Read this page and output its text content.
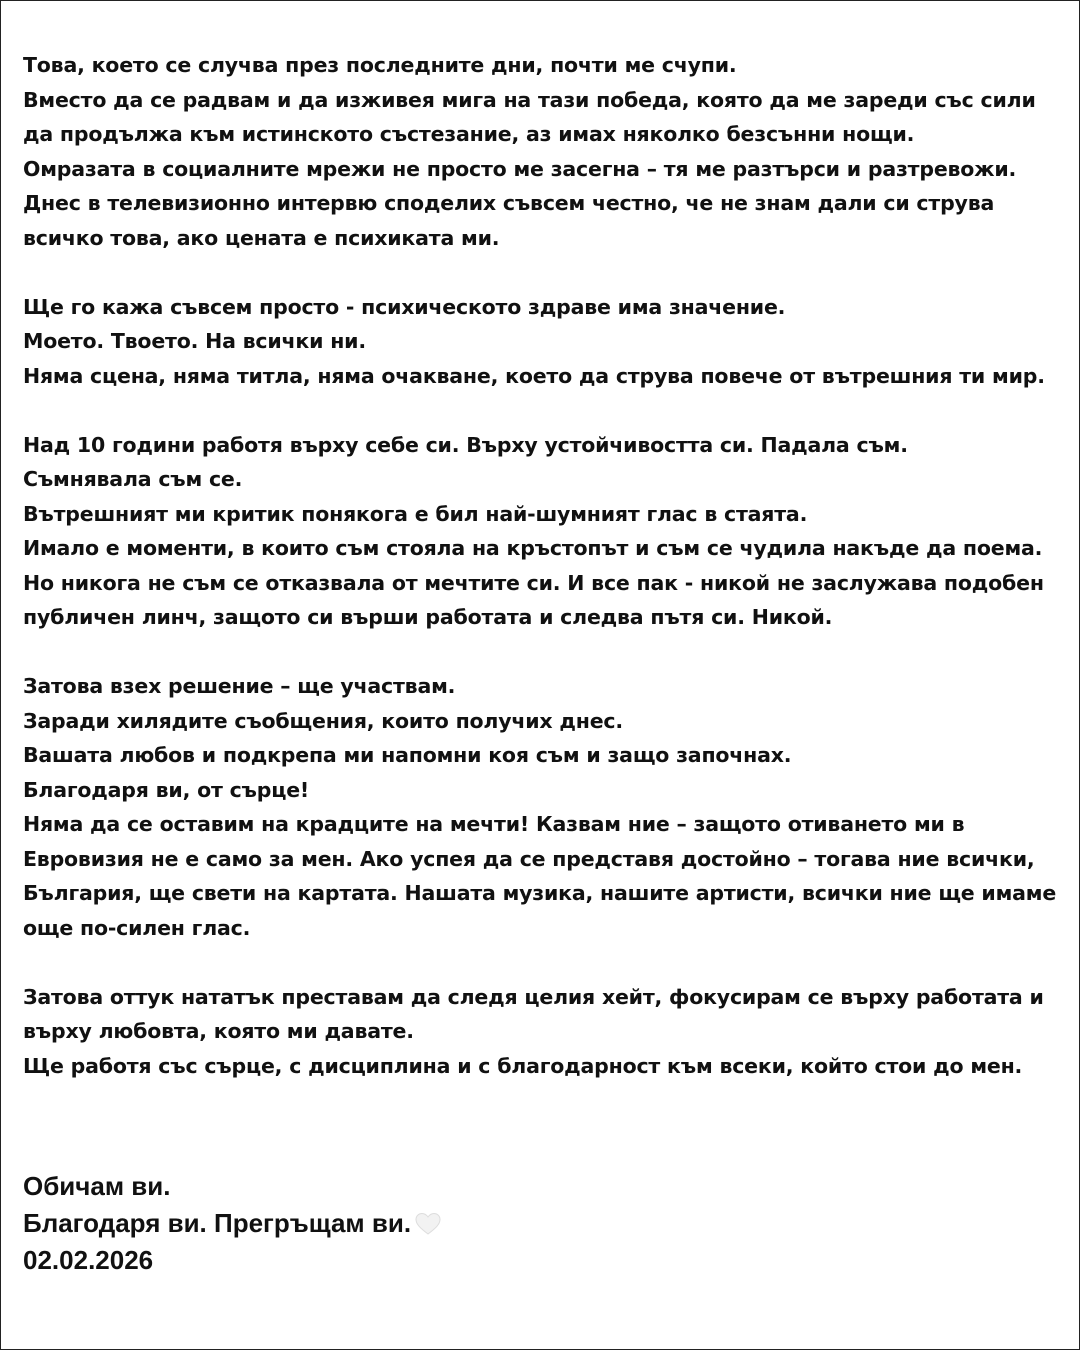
Това, което се случва през последните дни, почти ме счупи.
Вместо да се радвам и да изживея мига на тази победа, която да ме зареди със сили
да продължа към истинското състезание, аз имах няколко безсънни нощи.
Омразата в социалните мрежи не просто ме засегна – тя ме разтърси и разтревожи.
Днес в телевизионно интервю споделих съвсем честно, че не знам дали си струва
всичко това, ако цената е психиката ми.

Ще го кажа съвсем просто - психическото здраве има значение.
Моето. Твоето. На всички ни.
Няма сцена, няма титла, няма очакване, което да струва повече от вътрешния ти мир.

Над 10 години работя върху себе си. Върху устойчивостта си. Падала съм.
Съмнявала съм се.
Вътрешният ми критик понякога е бил най-шумният глас в стаята.
Имало е моменти, в които съм стояла на кръстопът и съм се чудила накъде да поема.
Но никога не съм се отказвала от мечтите си. И все пак - никой не заслужава подобен
публичен линч, защото си върши работата и следва пътя си. Никой.

Затова взех решение – ще участвам.
Заради хилядите съобщения, които получих днес.
Вашата любов и подкрепа ми напомни коя съм и защо започнах.
Благодаря ви, от сърце!
Няма да се оставим на крадците на мечти! Казвам ние – защото отиването ми в
Евровизия не е само за мен. Ако успея да се представя достойно – тогава ние всички,
България, ще свети на картата. Нашата музика, нашите артисти, всички ние ще имаме
още по-силен глас.

Затова оттук нататък преставам да следя целия хейт, фокусирам се върху работата и
върху любовта, която ми давате.
Ще работя със сърце, с дисциплина и с благодарност към всеки, който стои до мен.

Обичам ви.
Благодаря ви. Прегръщам ви.
02.02.2026
